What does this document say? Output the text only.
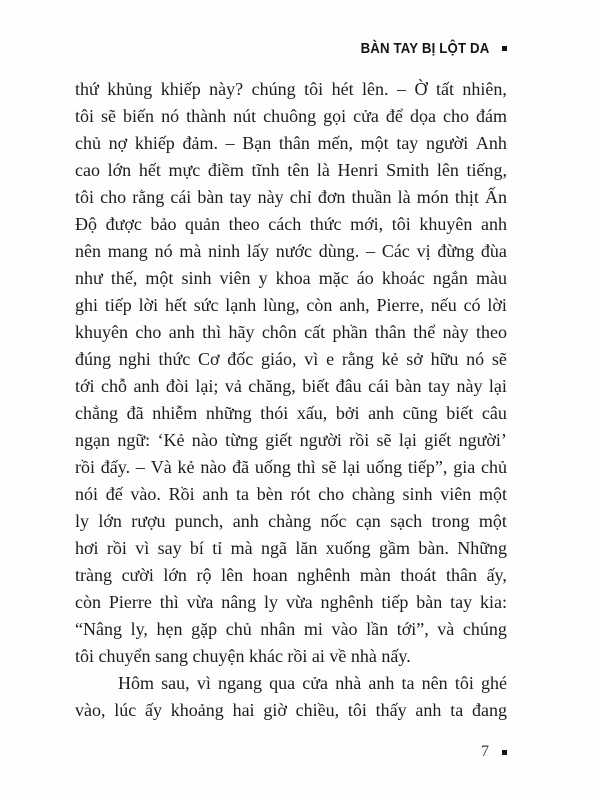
BÀN TAY BỊ LỘT DA
thứ khủng khiếp này? chúng tôi hét lên. – Ờ tất nhiên,
tôi sẽ biến nó thành nút chuông gọi cửa để dọa cho đám
chủ nợ khiếp đảm. – Bạn thân mến, một tay người Anh
cao lớn hết mực điềm tĩnh tên là Henri Smith lên tiếng,
tôi cho rằng cái bàn tay này chỉ đơn thuần là món thịt Ấn
Độ được bảo quản theo cách thức mới, tôi khuyên anh
nên mang nó mà ninh lấy nước dùng. – Các vị đừng đùa
như thế, một sinh viên y khoa mặc áo khoác ngắn màu
ghi tiếp lời hết sức lạnh lùng, còn anh, Pierre, nếu có lời
khuyên cho anh thì hãy chôn cất phần thân thể này theo
đúng nghi thức Cơ đốc giáo, vì e rằng kẻ sở hữu nó sẽ
tới chỗ anh đòi lại; vả chăng, biết đâu cái bàn tay này lại
chẳng đã nhiễm những thói xấu, bởi anh cũng biết câu
ngạn ngữ: ‘Kẻ nào từng giết người rồi sẽ lại giết người’
rồi đấy. – Và kẻ nào đã uống thì sẽ lại uống tiếp”, gia chủ
nói đế vào. Rồi anh ta bèn rót cho chàng sinh viên một
ly lớn rượu punch, anh chàng nốc cạn sạch trong một
hơi rồi vì say bí tỉ mà ngã lăn xuống gầm bàn. Những
tràng cười lớn rộ lên hoan nghênh màn thoát thân ấy,
còn Pierre thì vừa nâng ly vừa nghênh tiếp bàn tay kia:
“Nâng ly, hẹn gặp chủ nhân mi vào lần tới”, và chúng
tôi chuyển sang chuyện khác rồi ai về nhà nấy.
Hôm sau, vì ngang qua cửa nhà anh ta nên tôi ghé
vào, lúc ấy khoảng hai giờ chiều, tôi thấy anh ta đang
7
